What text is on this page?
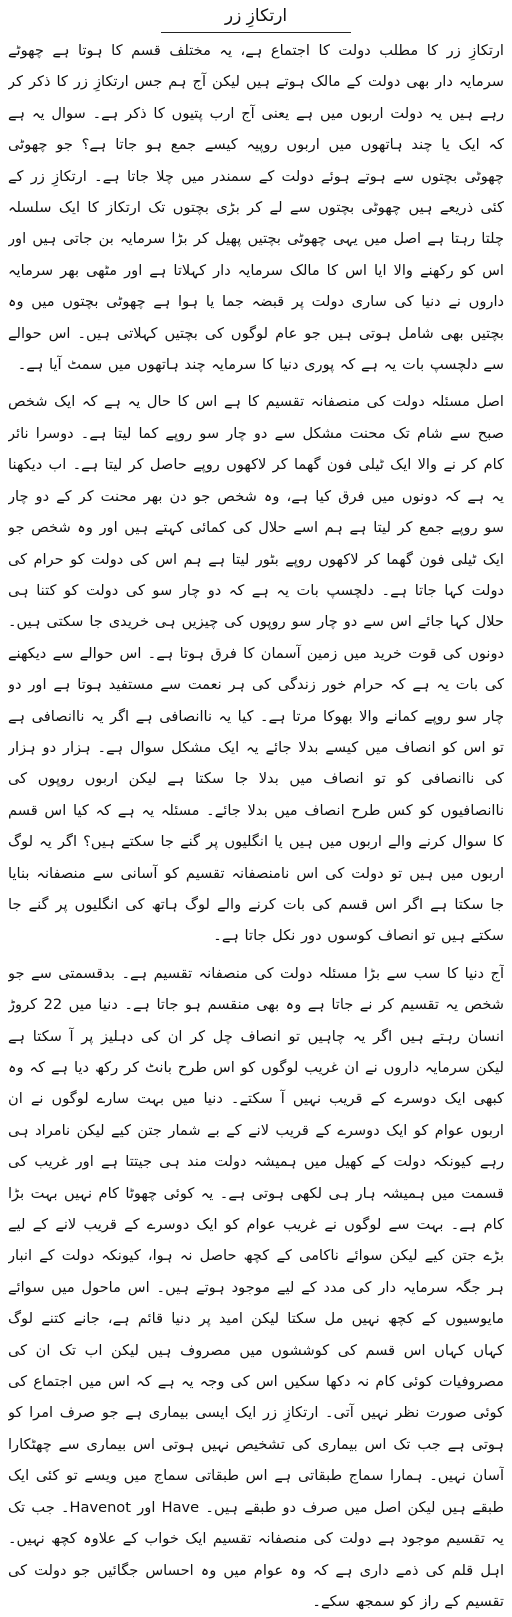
ارتکازِ زر

ارتکازِ زر کا مطلب دولت کا اجتماع ہے، یہ مختلف قسم کا ہوتا ہے چھوٹے سرمایہ دار بھی دولت کے مالک ہوتے ہیں لیکن آج ہم جس ارتکازِ زر کا ذکر کر رہے ہیں یہ دولت اربوں میں ہے یعنی آج ارب پتیوں کا ذکر ہے۔ سوال یہ ہے کہ ایک یا چند ہاتھوں میں اربوں روپیہ کیسے جمع ہو جاتا ہے؟ جو چھوٹی چھوٹی بچتوں سے ہوتے ہوئے دولت کے سمندر میں چلا جاتا ہے۔ ارتکازِ زر کے کئی ذریعے ہیں چھوٹی بچتوں سے لے کر بڑی بچتوں تک ارتکاز کا ایک سلسلہ چلتا رہتا ہے اصل میں یہی چھوٹی بچتیں پھیل کر بڑا سرمایہ بن جاتی ہیں اور اس کو رکھنے والا ایا اس کا مالک سرمایہ دار کہلاتا ہے اور مٹھی بھر سرمایہ داروں نے دنیا کی ساری دولت پر قبضہ جما یا ہوا ہے چھوٹی بچتوں میں وہ بچتیں بھی شامل ہوتی ہیں جو عام لوگوں کی بچتیں کہلاتی ہیں۔ اس حوالے سے دلچسپ بات یہ ہے کہ پوری دنیا کا سرمایہ چند ہاتھوں میں سمٹ آیا ہے۔

اصل مسئلہ دولت کی منصفانہ تقسیم کا ہے اس کا حال یہ ہے کہ ایک شخص صبح سے شام تک محنت مشکل سے دو چار سو روپے کما لیتا ہے۔ دوسرا نائر کام کر نے والا ایک ٹیلی فون گھما کر لاکھوں روپے حاصل کر لیتا ہے۔ اب دیکھنا یہ ہے کہ دونوں میں فرق کیا ہے، وہ شخص جو دن بھر محنت کر کے دو چار سو روپے جمع کر لیتا ہے ہم اسے حلال کی کمائی کہتے ہیں اور وہ شخص جو ایک ٹیلی فون گھما کر لاکھوں روپے بٹور لیتا ہے ہم اس کی دولت کو حرام کی دولت کہا جاتا ہے۔ دلچسپ بات یہ ہے کہ دو چار سو کی دولت کو کتنا ہی حلال کہا جائے اس سے دو چار سو روپوں کی چیزیں ہی خریدی جا سکتی ہیں۔ دونوں کی قوت خرید میں زمین آسمان کا فرق ہوتا ہے۔ اس حوالے سے دیکھنے کی بات یہ ہے کہ حرام خور زندگی کی ہر نعمت سے مستفید ہوتا ہے اور دو چار سو روپے کمانے والا بھوکا مرتا ہے۔ کیا یہ ناانصافی ہے اگر یہ ناانصافی ہے تو اس کو انصاف میں کیسے بدلا جائے یہ ایک مشکل سوال ہے۔ ہزار دو ہزار کی ناانصافی کو تو انصاف میں بدلا جا سکتا ہے لیکن اربوں روپوں کی ناانصافیوں کو کس طرح انصاف میں بدلا جائے۔ مسئلہ یہ ہے کہ کیا اس قسم کا سوال کرنے والے اربوں میں ہیں یا انگلیوں پر گنے جا سکتے ہیں؟ اگر یہ لوگ اربوں میں ہیں تو دولت کی اس نامنصفانہ تقسیم کو آسانی سے منصفانہ بنایا جا سکتا ہے اگر اس قسم کی بات کرنے والے لوگ ہاتھ کی انگلیوں پر گنے جا سکتے ہیں تو انصاف کوسوں دور نکل جاتا ہے۔

آج دنیا کا سب سے بڑا مسئلہ دولت کی منصفانہ تقسیم ہے۔ بدقسمتی سے جو شخص یہ تقسیم کر نے جاتا ہے وہ بھی منقسم ہو جاتا ہے۔ دنیا میں 22 کروڑ انسان رہتے ہیں اگر یہ چاہیں تو انصاف چل کر ان کی دہلیز پر آ سکتا ہے لیکن سرمایہ داروں نے ان غریب لوگوں کو اس طرح بانٹ کر رکھ دیا ہے کہ وہ کبھی ایک دوسرے کے قریب نہیں آ سکتے۔ دنیا میں بہت سارے لوگوں نے ان اربوں عوام کو ایک دوسرے کے قریب لانے کے بے شمار جتن کیے لیکن نامراد ہی رہے کیونکہ دولت کے کھیل میں ہمیشہ دولت مند ہی جیتتا ہے اور غریب کی قسمت میں ہمیشہ ہار ہی لکھی ہوتی ہے۔ یہ کوئی چھوٹا کام نہیں بہت بڑا کام ہے۔ بہت سے لوگوں نے غریب عوام کو ایک دوسرے کے قریب لانے کے لیے بڑے جتن کیے لیکن سوائے ناکامی کے کچھ حاصل نہ ہوا، کیونکہ دولت کے انبار ہر جگہ سرمایہ دار کی مدد کے لیے موجود ہوتے ہیں۔ اس ماحول میں سوائے مایوسیوں کے کچھ نہیں مل سکتا لیکن امید پر دنیا قائم ہے، جانے کتنے لوگ کہاں کہاں اس قسم کی کوششوں میں مصروف ہیں لیکن اب تک ان کی مصروفیات کوئی کام نہ دکھا سکیں اس کی وجہ یہ ہے کہ اس میں اجتماع کی کوئی صورت نظر نہیں آتی۔ ارتکازِ زر ایک ایسی بیماری ہے جو صرف امرا کو ہوتی ہے جب تک اس بیماری کی تشخیص نہیں ہوتی اس بیماری سے چھٹکارا آسان نہیں۔ ہمارا سماج طبقاتی ہے اس طبقاتی سماج میں ویسے تو کئی ایک طبقے ہیں لیکن اصل میں صرف دو طبقے ہیں۔ Have اور Havenot۔ جب تک یہ تقسیم موجود ہے دولت کی منصفانہ تقسیم ایک خواب کے علاوہ کچھ نہیں۔ اہل قلم کی ذمے داری ہے کہ وہ عوام میں وہ احساس جگائیں جو دولت کی تقسیم کے راز کو سمجھ سکے۔
